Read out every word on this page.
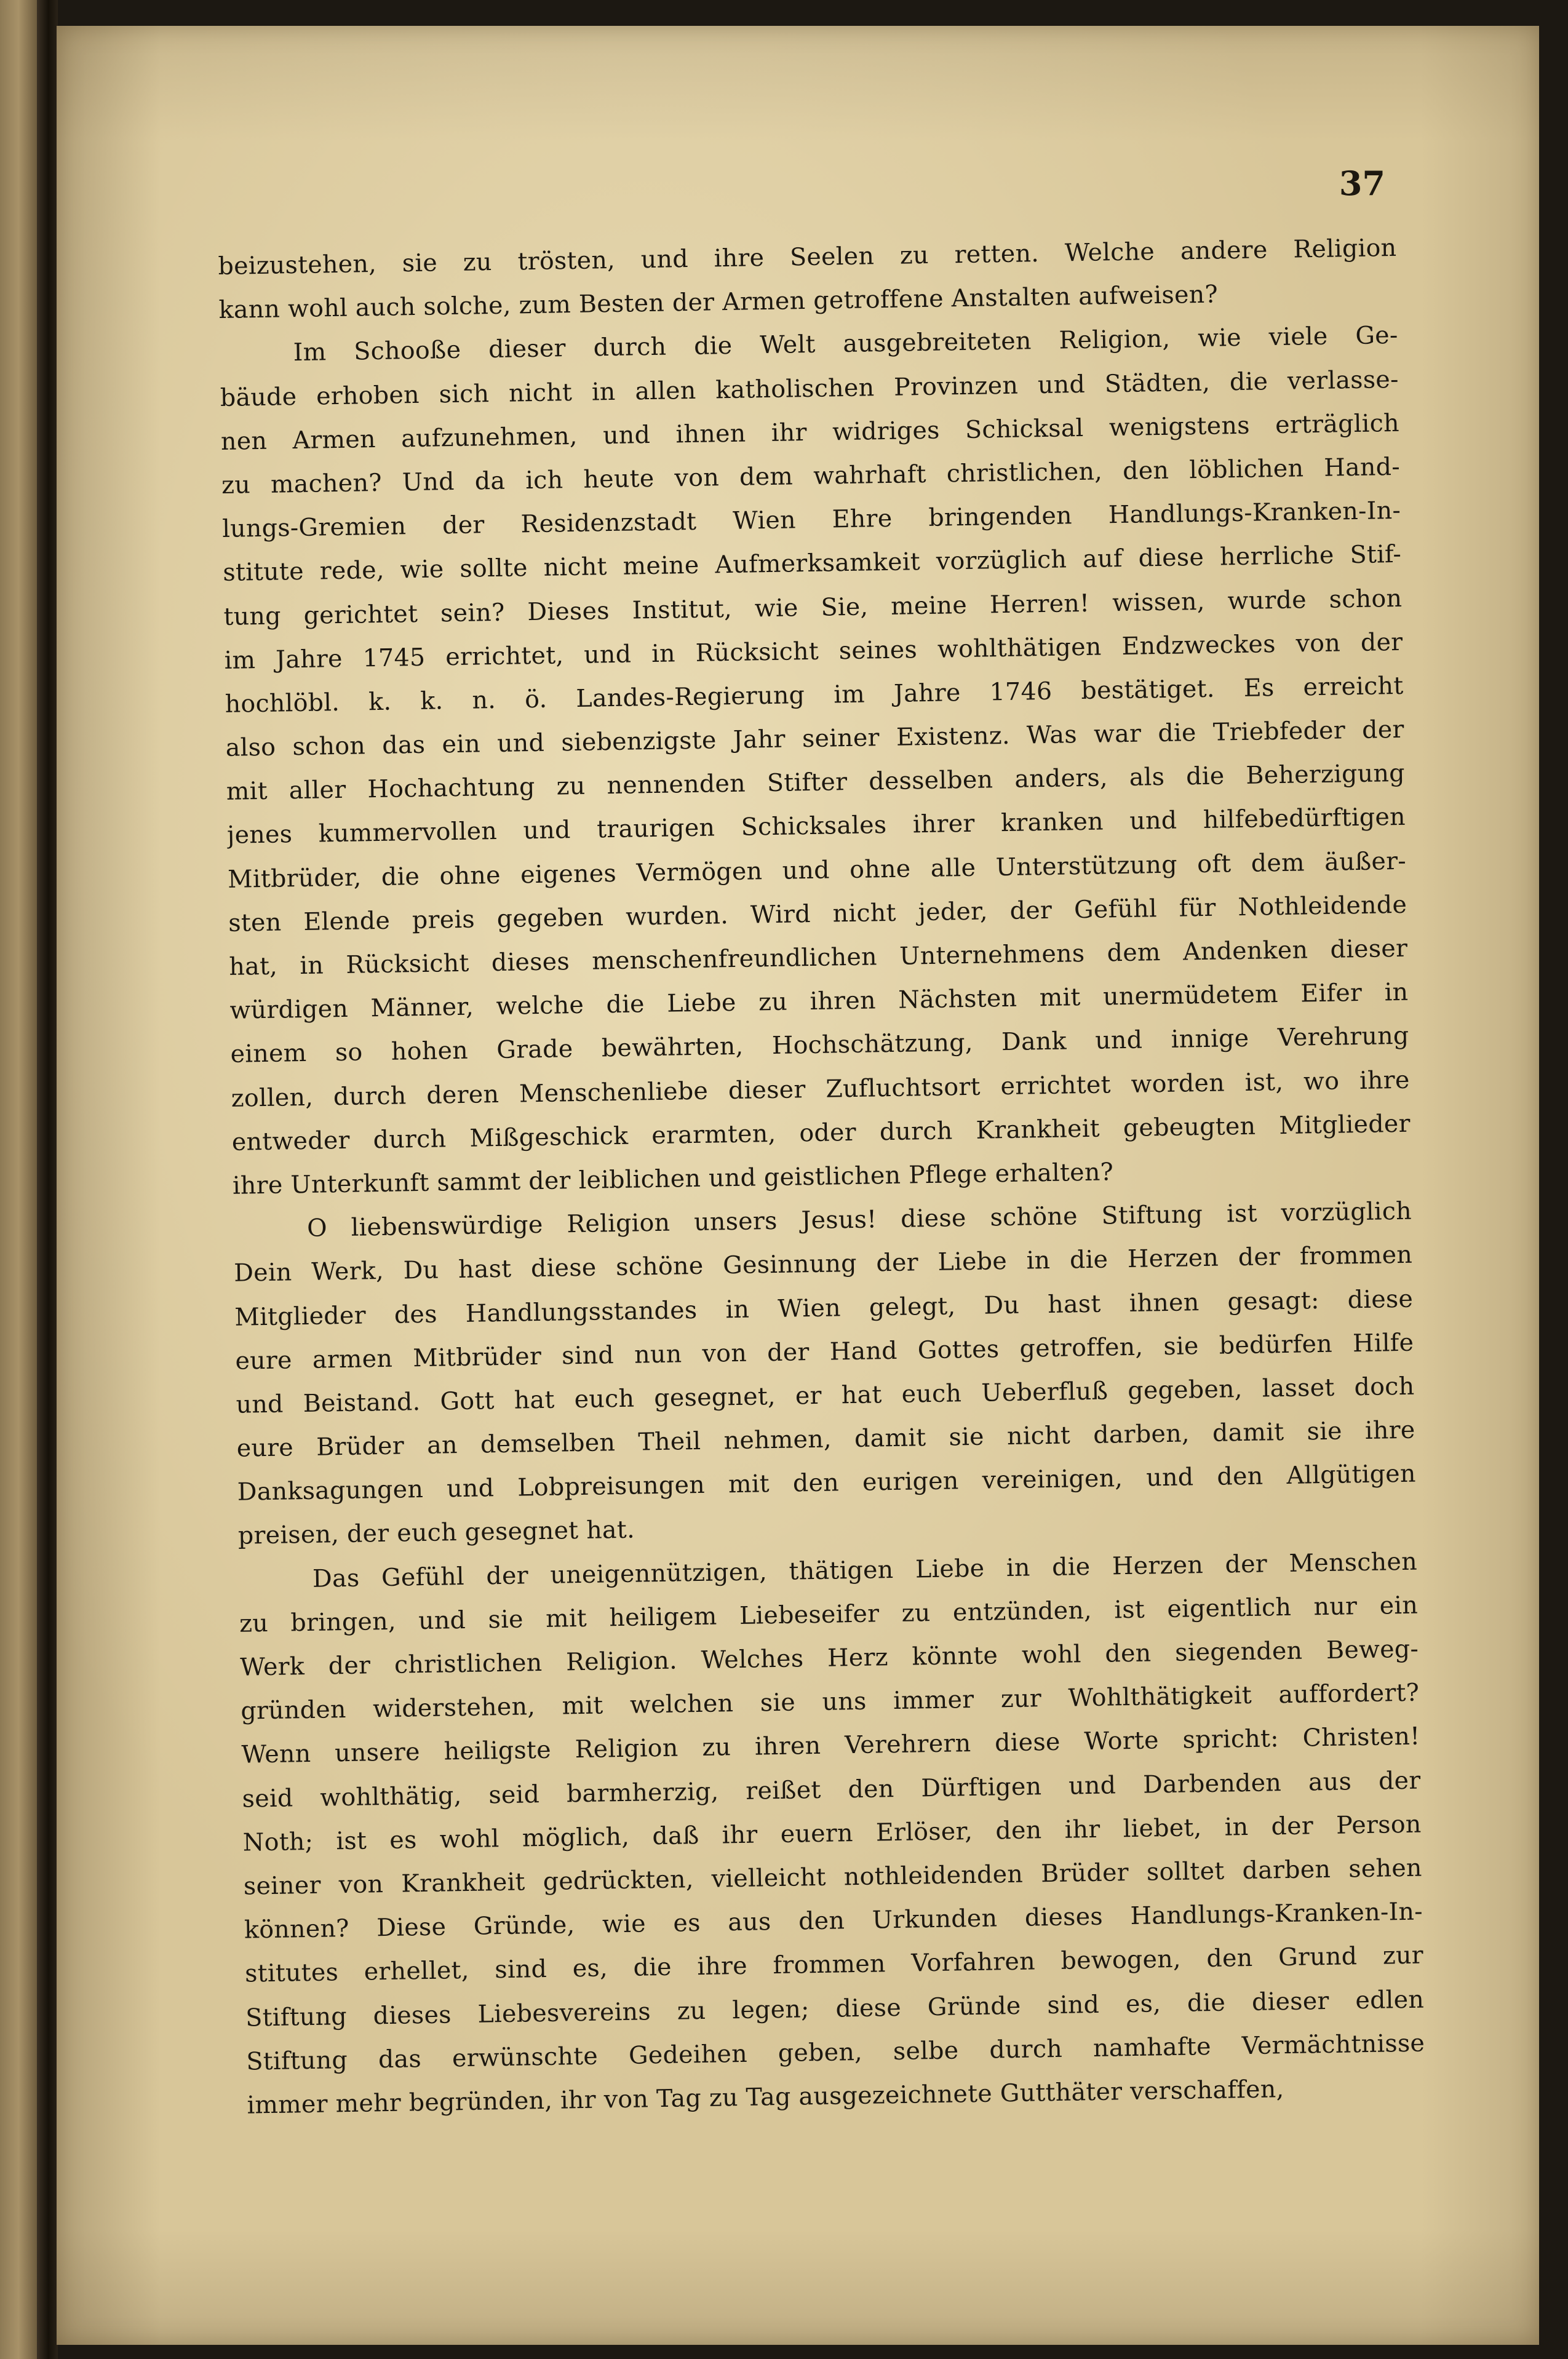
37
beizustehen, sie zu trösten, und ihre Seelen zu retten. Welche andere Religion
kann wohl auch solche, zum Besten der Armen getroffene Anstalten aufweisen?
Im Schooße dieser durch die Welt ausgebreiteten Religion, wie viele Ge-
bäude erhoben sich nicht in allen katholischen Provinzen und Städten, die verlasse-
nen Armen aufzunehmen, und ihnen ihr widriges Schicksal wenigstens erträglich
zu machen? Und da ich heute von dem wahrhaft christlichen, den löblichen Hand-
lungs-Gremien der Residenzstadt Wien Ehre bringenden Handlungs-Kranken-In-
stitute rede, wie sollte nicht meine Aufmerksamkeit vorzüglich auf diese herrliche Stif-
tung gerichtet sein? Dieses Institut, wie Sie, meine Herren! wissen, wurde schon
im Jahre 1745 errichtet, und in Rücksicht seines wohlthätigen Endzweckes von der
hochlöbl. k. k. n. ö. Landes-Regierung im Jahre 1746 bestätiget. Es erreicht
also schon das ein und siebenzigste Jahr seiner Existenz. Was war die Triebfeder der
mit aller Hochachtung zu nennenden Stifter desselben anders, als die Beherzigung
jenes kummervollen und traurigen Schicksales ihrer kranken und hilfebedürftigen
Mitbrüder, die ohne eigenes Vermögen und ohne alle Unterstützung oft dem äußer-
sten Elende preis gegeben wurden. Wird nicht jeder, der Gefühl für Nothleidende
hat, in Rücksicht dieses menschenfreundlichen Unternehmens dem Andenken dieser
würdigen Männer, welche die Liebe zu ihren Nächsten mit unermüdetem Eifer in
einem so hohen Grade bewährten, Hochschätzung, Dank und innige Verehrung
zollen, durch deren Menschenliebe dieser Zufluchtsort errichtet worden ist, wo ihre
entweder durch Mißgeschick erarmten, oder durch Krankheit gebeugten Mitglieder
ihre Unterkunft sammt der leiblichen und geistlichen Pflege erhalten?
O liebenswürdige Religion unsers Jesus! diese schöne Stiftung ist vorzüglich
Dein Werk, Du hast diese schöne Gesinnung der Liebe in die Herzen der frommen
Mitglieder des Handlungsstandes in Wien gelegt, Du hast ihnen gesagt: diese
eure armen Mitbrüder sind nun von der Hand Gottes getroffen, sie bedürfen Hilfe
und Beistand. Gott hat euch gesegnet, er hat euch Ueberfluß gegeben, lasset doch
eure Brüder an demselben Theil nehmen, damit sie nicht darben, damit sie ihre
Danksagungen und Lobpreisungen mit den eurigen vereinigen, und den Allgütigen
preisen, der euch gesegnet hat.
Das Gefühl der uneigennützigen, thätigen Liebe in die Herzen der Menschen
zu bringen, und sie mit heiligem Liebeseifer zu entzünden, ist eigentlich nur ein
Werk der christlichen Religion. Welches Herz könnte wohl den siegenden Beweg-
gründen widerstehen, mit welchen sie uns immer zur Wohlthätigkeit auffordert?
Wenn unsere heiligste Religion zu ihren Verehrern diese Worte spricht: Christen!
seid wohlthätig, seid barmherzig, reißet den Dürftigen und Darbenden aus der
Noth; ist es wohl möglich, daß ihr euern Erlöser, den ihr liebet, in der Person
seiner von Krankheit gedrückten, vielleicht nothleidenden Brüder solltet darben sehen
können? Diese Gründe, wie es aus den Urkunden dieses Handlungs-Kranken-In-
stitutes erhellet, sind es, die ihre frommen Vorfahren bewogen, den Grund zur
Stiftung dieses Liebesvereins zu legen; diese Gründe sind es, die dieser edlen
Stiftung das erwünschte Gedeihen geben, selbe durch namhafte Vermächtnisse
immer mehr begründen, ihr von Tag zu Tag ausgezeichnete Gutthäter verschaffen,
